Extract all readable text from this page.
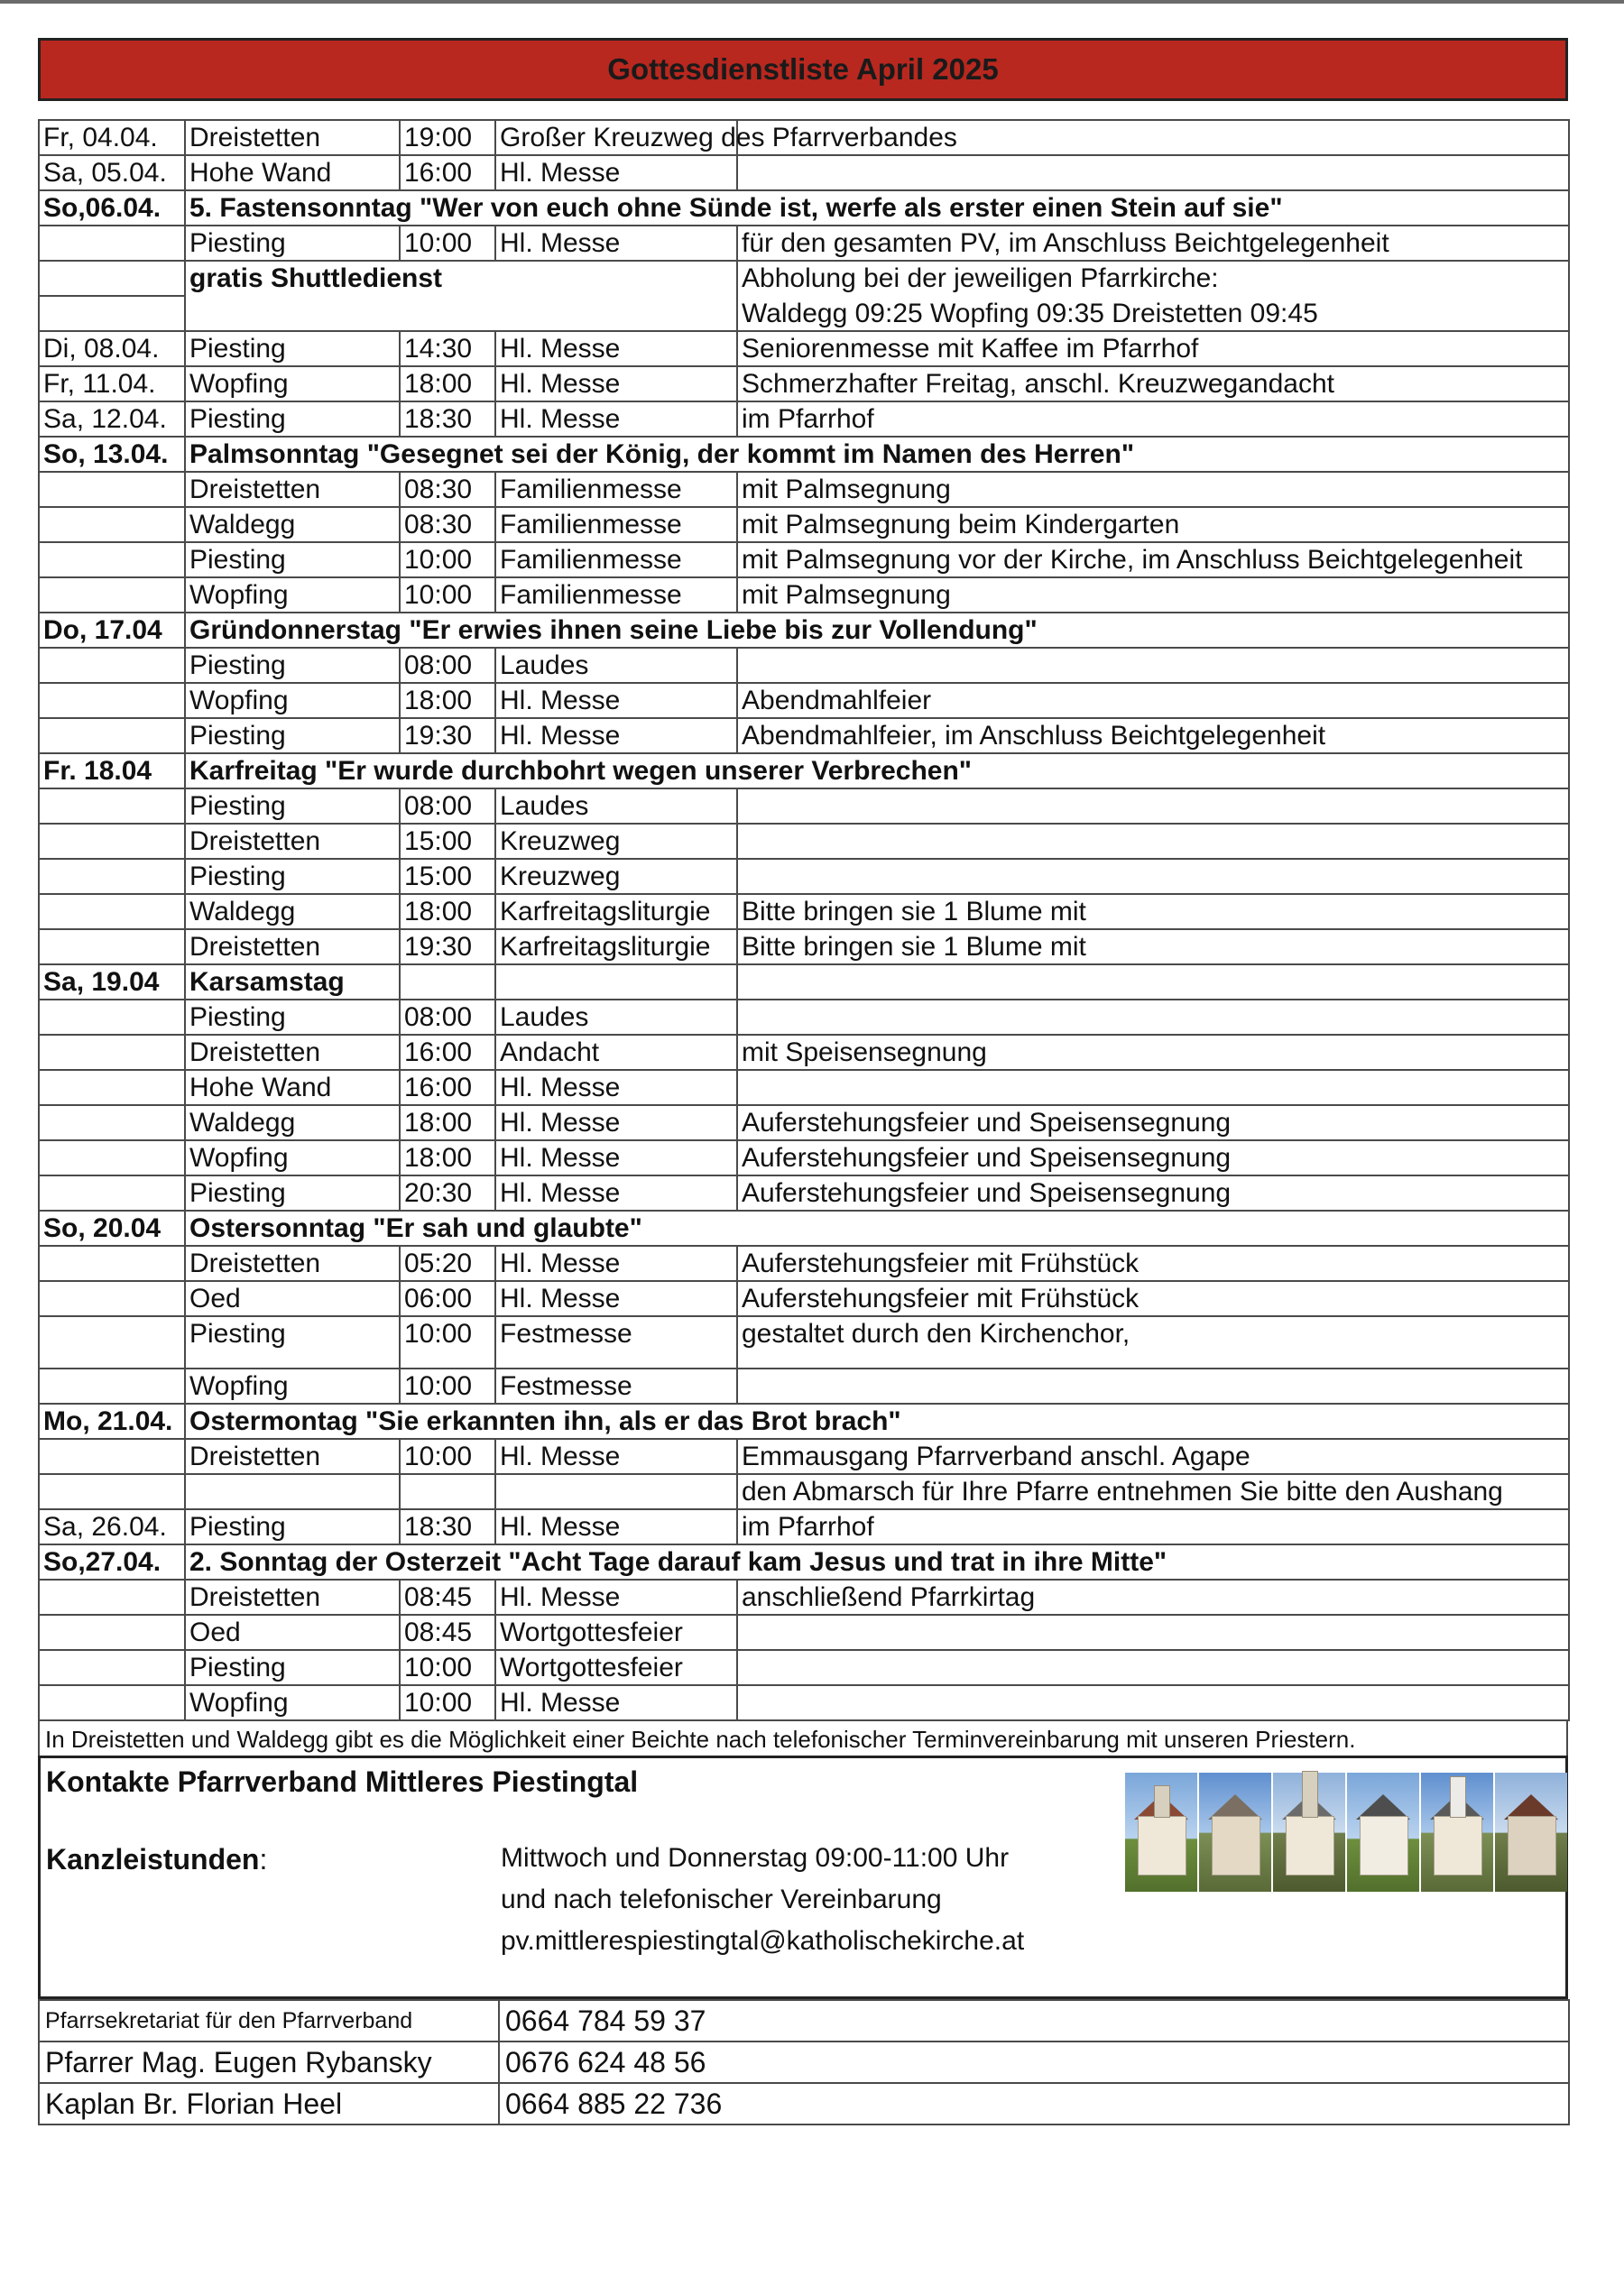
Gottesdienstliste April 2025
Fr, 04.04.	Dreistetten	19:00	Großer Kreuzweg des Pfarrverbandes	
Sa, 05.04.	Hohe Wand	16:00	Hl. Messe	
So,06.04.	5. Fastensonntag "Wer von euch ohne Sünde ist, werfe als erster einen Stein auf sie"			
	Piesting	10:00	Hl. Messe	für den gesamten PV, im Anschluss Beichtgelegenheit
	gratis Shuttledienst			Abholung bei der jeweiligen Pfarrkirche:
				Waldegg 09:25 Wopfing 09:35 Dreistetten 09:45
Di, 08.04.	Piesting	14:30	Hl. Messe	Seniorenmesse mit Kaffee im Pfarrhof
Fr, 11.04.	Wopfing	18:00	Hl. Messe	Schmerzhafter Freitag, anschl. Kreuzwegandacht
Sa, 12.04.	Piesting	18:30	Hl. Messe	im Pfarrhof
So, 13.04.	Palmsonntag "Gesegnet sei der König, der kommt im Namen des Herren"			
	Dreistetten	08:30	Familienmesse	mit Palmsegnung
	Waldegg	08:30	Familienmesse	mit Palmsegnung beim Kindergarten
	Piesting	10:00	Familienmesse	mit Palmsegnung vor der Kirche, im Anschluss Beichtgelegenheit
	Wopfing	10:00	Familienmesse	mit Palmsegnung
Do, 17.04	Gründonnerstag "Er erwies ihnen seine Liebe bis zur Vollendung"			
	Piesting	08:00	Laudes	
	Wopfing	18:00	Hl. Messe	Abendmahlfeier
	Piesting	19:30	Hl. Messe	Abendmahlfeier, im Anschluss Beichtgelegenheit
Fr. 18.04	Karfreitag "Er wurde durchbohrt wegen unserer Verbrechen"			
	Piesting	08:00	Laudes	
	Dreistetten	15:00	Kreuzweg	
	Piesting	15:00	Kreuzweg	
	Waldegg	18:00	Karfreitagsliturgie	Bitte bringen sie 1 Blume mit
	Dreistetten	19:30	Karfreitagsliturgie	Bitte bringen sie 1 Blume mit
Sa, 19.04	Karsamstag			
	Piesting	08:00	Laudes	
	Dreistetten	16:00	Andacht	mit Speisensegnung
	Hohe Wand	16:00	Hl. Messe	
	Waldegg	18:00	Hl. Messe	Auferstehungsfeier und Speisensegnung
	Wopfing	18:00	Hl. Messe	Auferstehungsfeier und Speisensegnung
	Piesting	20:30	Hl. Messe	Auferstehungsfeier und Speisensegnung
So, 20.04	Ostersonntag "Er sah und glaubte"			
	Dreistetten	05:20	Hl. Messe	Auferstehungsfeier mit Frühstück
	Oed	06:00	Hl. Messe	Auferstehungsfeier mit Frühstück
	Piesting	10:00	Festmesse	gestaltet durch den Kirchenchor,
	Wopfing	10:00	Festmesse	
Mo, 21.04.	Ostermontag "Sie erkannten ihn, als er das Brot brach"			
	Dreistetten	10:00	Hl. Messe	Emmausgang Pfarrverband anschl. Agape
				den Abmarsch für Ihre Pfarre entnehmen Sie bitte den Aushang
Sa, 26.04.	Piesting	18:30	Hl. Messe	im Pfarrhof
So,27.04.	2. Sonntag der Osterzeit "Acht Tage darauf kam Jesus und trat in ihre Mitte"			
	Dreistetten	08:45	Hl. Messe	anschließend Pfarrkirtag
	Oed	08:45	Wortgottesfeier	
	Piesting	10:00	Wortgottesfeier	
	Wopfing	10:00	Hl. Messe	
In Dreistetten und Waldegg gibt es die Möglichkeit einer Beichte nach telefonischer Terminvereinbarung mit unseren Priestern.
Kontakte Pfarrverband Mittleres Piestingtal
Kanzleistunden:	Mittwoch und Donnerstag 09:00-11:00 Uhr
und nach telefonischer Vereinbarung
pv.mittlerespiestingtal@katholischekirche.at
Pfarrsekretariat für den Pfarrverband	0664 784 59 37
Pfarrer Mag. Eugen Rybansky	0676 624 48 56
Kaplan Br. Florian Heel	0664 885 22 736
